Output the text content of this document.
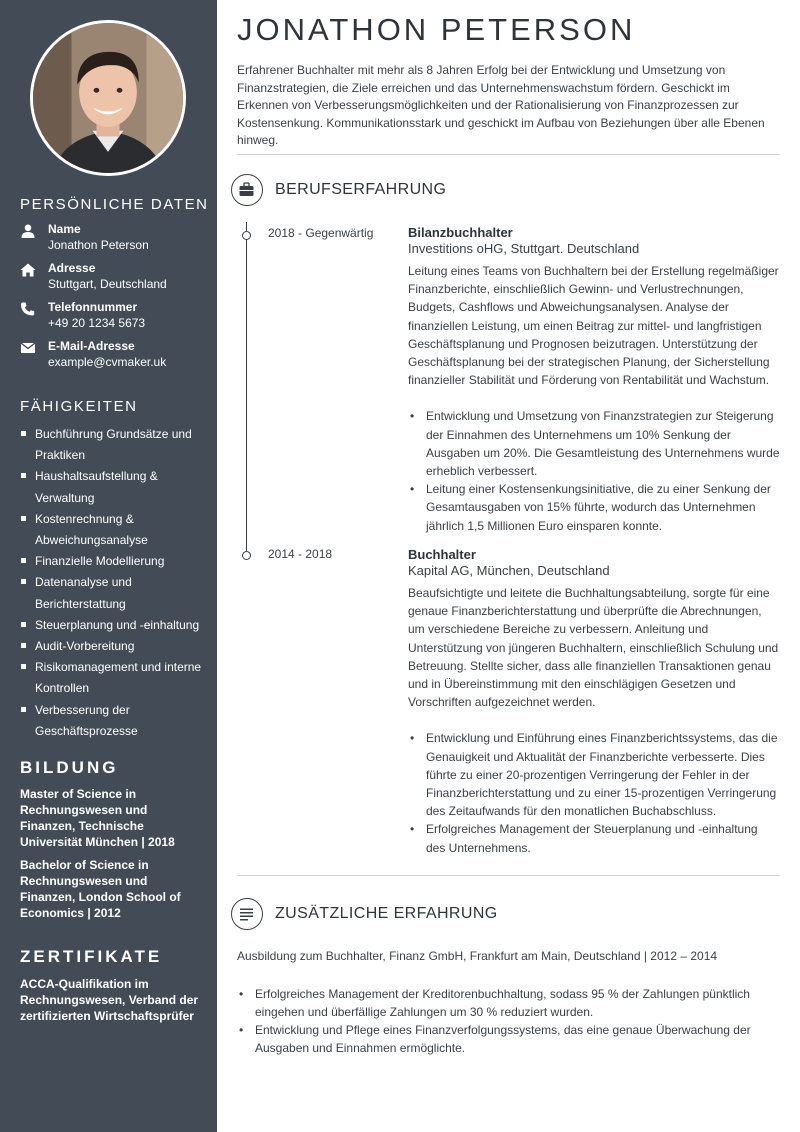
PERSÖNLICHE DATEN
Name
Jonathon Peterson
Adresse
Stuttgart, Deutschland
Telefonnummer
+49 20 1234 5673
E-Mail-Adresse
example@cvmaker.uk
FÄHIGKEITEN
Buchführung Grundsätze und Praktiken
Haushaltsaufstellung & Verwaltung
Kostenrechnung & Abweichungsanalyse
Finanzielle Modellierung
Datenanalyse und Berichterstattung
Steuerplanung und -einhaltung
Audit-Vorbereitung
Risikomanagement und interne Kontrollen
Verbesserung der Geschäftsprozesse
BILDUNG
Master of Science in Rechnungswesen und Finanzen, Technische Universität München | 2018
Bachelor of Science in Rechnungswesen und Finanzen, London School of Economics | 2012
ZERTIFIKATE
ACCA-Qualifikation im Rechnungswesen, Verband der zertifizierten Wirtschaftsprüfer
JONATHON PETERSON

Erfahrener Buchhalter mit mehr als 8 Jahren Erfolg bei der Entwicklung und Umsetzung von Finanzstrategien, die Ziele erreichen und das Unternehmenswachstum fördern. Geschickt im Erkennen von Verbesserungsmöglichkeiten und der Rationalisierung von Finanzprozessen zur Kostensenkung. Kommunikationsstark und geschickt im Aufbau von Beziehungen über alle Ebenen hinweg.

BERUFSERFAHRUNG
2018 - Gegenwärtig	Bilanzbuchhalter
Investitions oHG, Stuttgart. Deutschland
Leitung eines Teams von Buchhaltern bei der Erstellung regelmäßiger Finanzberichte, einschließlich Gewinn- und Verlustrechnungen, Budgets, Cashflows und Abweichungsanalysen. Analyse der finanziellen Leistung, um einen Beitrag zur mittel- und langfristigen Geschäftsplanung und Prognosen beizutragen. Unterstützung der Geschäftsplanung bei der strategischen Planung, der Sicherstellung finanzieller Stabilität und Förderung von Rentabilität und Wachstum.
• Entwicklung und Umsetzung von Finanzstrategien zur Steigerung der Einnahmen des Unternehmens um 10% Senkung der Ausgaben um 20%. Die Gesamtleistung des Unternehmens wurde erheblich verbessert.
• Leitung einer Kostensenkungsinitiative, die zu einer Senkung der Gesamtausgaben von 15% führte, wodurch das Unternehmen jährlich 1,5 Millionen Euro einsparen konnte.
2014 - 2018	Buchhalter
Kapital AG, München, Deutschland
Beaufsichtigte und leitete die Buchhaltungsabteilung, sorgte für eine genaue Finanzberichterstattung und überprüfte die Abrechnungen, um verschiedene Bereiche zu verbessern. Anleitung und Unterstützung von jüngeren Buchhaltern, einschließlich Schulung und Betreuung. Stellte sicher, dass alle finanziellen Transaktionen genau und in Übereinstimmung mit den einschlägigen Gesetzen und Vorschriften aufgezeichnet werden.
• Entwicklung und Einführung eines Finanzberichtssystems, das die Genauigkeit und Aktualität der Finanzberichte verbesserte. Dies führte zu einer 20-prozentigen Verringerung der Fehler in der Finanzberichterstattung und zu einer 15-prozentigen Verringerung des Zeitaufwands für den monatlichen Buchabschluss.
• Erfolgreiches Management der Steuerplanung und -einhaltung des Unternehmens.
ZUSÄTZLICHE ERFAHRUNG
Ausbildung zum Buchhalter, Finanz GmbH, Frankfurt am Main, Deutschland | 2012 – 2014
• Erfolgreiches Management der Kreditorenbuchhaltung, sodass 95 % der Zahlungen pünktlich eingehen und überfällige Zahlungen um 30 % reduziert wurden.
• Entwicklung und Pflege eines Finanzverfolgungssystems, das eine genaue Überwachung der Ausgaben und Einnahmen ermöglichte.
